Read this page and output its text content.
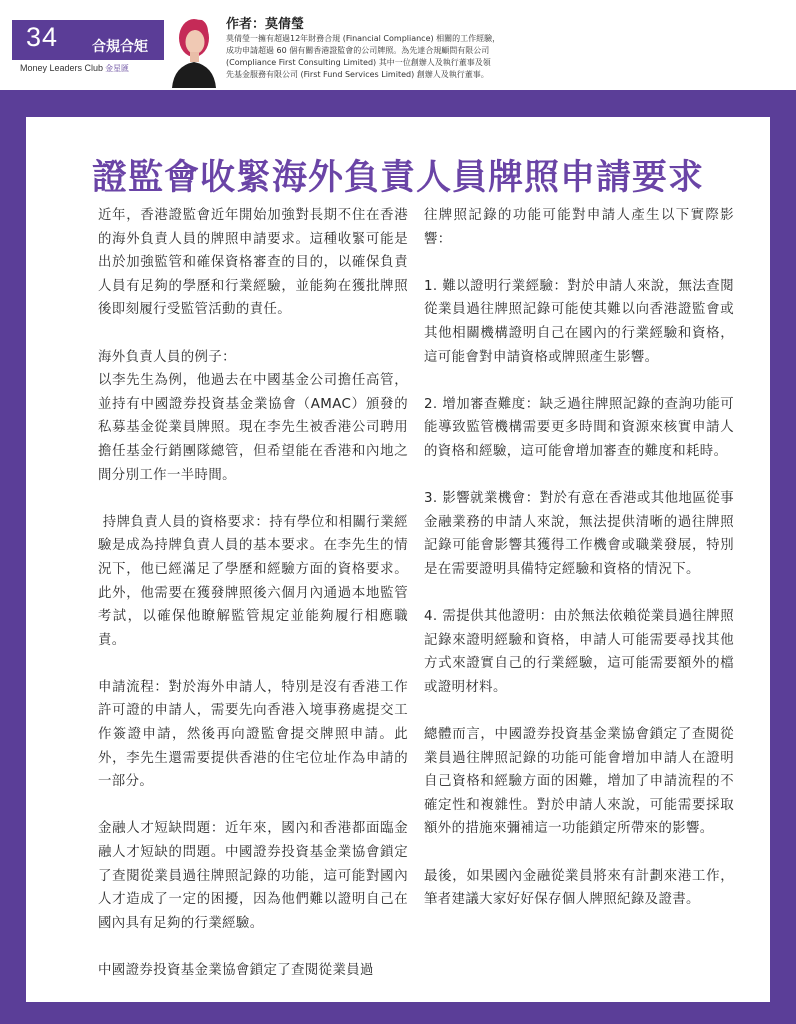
34 合規合矩
Money Leaders Club 金星匯
作者：莫倩瑩
莫倩瑩一擁有超過12年財務合規 (Financial Compliance) 相關的工作經驗，
成功申請超過 60 個有關香港證監會的公司牌照。為先達合規顧問有限公司
(Compliance First Consulting Limited) 其中一位創辦人及執行董事及領
先基金服務有限公司 (First Fund Services Limited) 創辦人及執行董事。
證監會收緊海外負責人員牌照申請要求

近年，香港證監會近年開始加強對長期不住在香港的海外負責人員的牌照申請要求。這種收緊可能是出於加強監管和確保資格審查的目的，以確保負責人員有足夠的學歷和行業經驗，並能夠在獲批牌照後即刻履行受監管活動的責任。

海外負責人員的例子：
以李先生為例，他過去在中國基金公司擔任高管，並持有中國證券投資基金業協會（AMAC）頒發的私募基金從業員牌照。現在李先生被香港公司聘用擔任基金行銷團隊總管，但希望能在香港和內地之間分別工作一半時間。

持牌負責人員的資格要求：持有學位和相關行業經驗是成為持牌負責人員的基本要求。在李先生的情況下，他已經滿足了學歷和經驗方面的資格要求。此外，他需要在獲發牌照後六個月內通過本地監管考試，以確保他瞭解監管規定並能夠履行相應職責。

申請流程：對於海外申請人，特別是沒有香港工作許可證的申請人，需要先向香港入境事務處提交工作簽證申請，然後再向證監會提交牌照申請。此外，李先生還需要提供香港的住宅位址作為申請的一部分。

金融人才短缺問題：近年來，國內和香港都面臨金融人才短缺的問題。中國證券投資基金業協會鎖定了查閱從業員過往牌照記錄的功能，這可能對國內人才造成了一定的困擾，因為他們難以證明自己在國內具有足夠的行業經驗。

中國證券投資基金業協會鎖定了查閱從業員過

往牌照記錄的功能可能對申請人產生以下實際影響：

1. 難以證明行業經驗：對於申請人來說，無法查閱從業員過往牌照記錄可能使其難以向香港證監會或其他相關機構證明自己在國內的行業經驗和資格，這可能會對申請資格或牌照產生影響。

2. 增加審查難度：缺乏過往牌照記錄的查詢功能可能導致監管機構需要更多時間和資源來核實申請人的資格和經驗，這可能會增加審查的難度和耗時。

3. 影響就業機會：對於有意在香港或其他地區從事金融業務的申請人來說，無法提供清晰的過往牌照記錄可能會影響其獲得工作機會或職業發展，特別是在需要證明具備特定經驗和資格的情況下。

4. 需提供其他證明：由於無法依賴從業員過往牌照記錄來證明經驗和資格，申請人可能需要尋找其他方式來證實自己的行業經驗，這可能需要額外的檔或證明材料。

總體而言，中國證券投資基金業協會鎖定了查閱從業員過往牌照記錄的功能可能會增加申請人在證明自己資格和經驗方面的困難，增加了申請流程的不確定性和複雜性。對於申請人來說，可能需要採取額外的措施來彌補這一功能鎖定所帶來的影響。

最後，如果國內金融從業員將來有計劃來港工作，筆者建議大家好好保存個人牌照紀錄及證書。
